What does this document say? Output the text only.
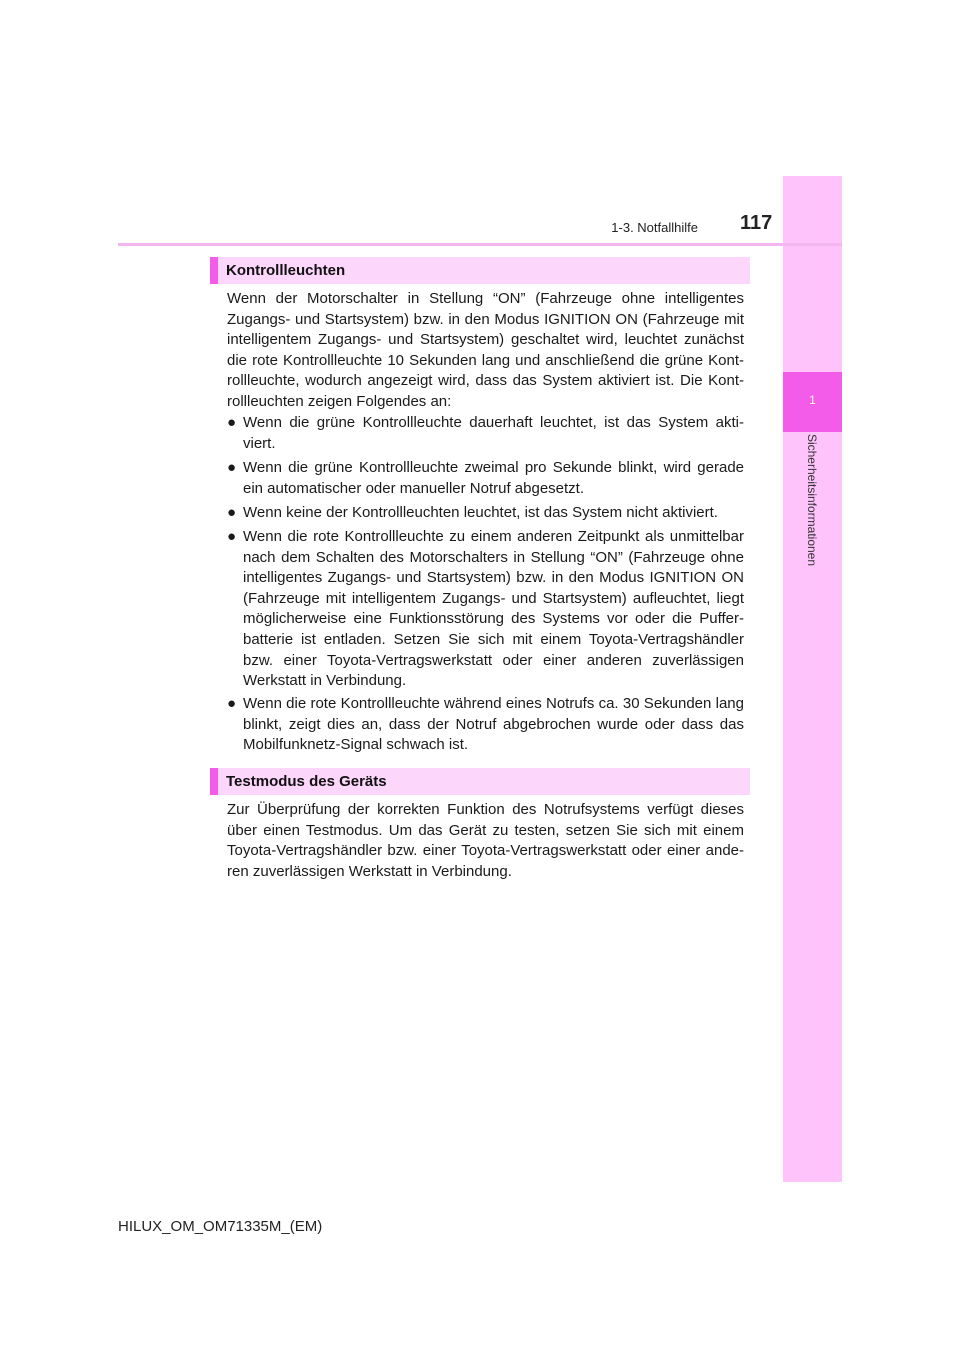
1
Sicherheitsinformationen
1-3. Notfallhilfe 117
Kontrollleuchten

Wenn der Motorschalter in Stellung “ON” (Fahrzeuge ohne intelligentes Zugangs- und Startsystem) bzw. in den Modus IGNITION ON (Fahrzeuge mit intelligentem Zugangs- und Startsystem) geschaltet wird, leuchtet zunächst die rote Kontrollleuchte 10 Sekunden lang und anschließend die grüne Kont-rollleuchte, wodurch angezeigt wird, dass das System aktiviert ist. Die Kont-rollleuchten zeigen Folgendes an:

● Wenn die grüne Kontrollleuchte dauerhaft leuchtet, ist das System akti-viert.
● Wenn die grüne Kontrollleuchte zweimal pro Sekunde blinkt, wird gerade ein automatischer oder manueller Notruf abgesetzt.
● Wenn keine der Kontrollleuchten leuchtet, ist das System nicht aktiviert.
● Wenn die rote Kontrollleuchte zu einem anderen Zeitpunkt als unmittelbar nach dem Schalten des Motorschalters in Stellung “ON” (Fahrzeuge ohne intelligentes Zugangs- und Startsystem) bzw. in den Modus IGNITION ON (Fahrzeuge mit intelligentem Zugangs- und Startsystem) aufleuchtet, liegt möglicherweise eine Funktionsstörung des Systems vor oder die Puffer-batterie ist entladen. Setzen Sie sich mit einem Toyota-Vertragshändler bzw. einer Toyota-Vertragswerkstatt oder einer anderen zuverlässigen Werkstatt in Verbindung.
● Wenn die rote Kontrollleuchte während eines Notrufs ca. 30 Sekunden lang blinkt, zeigt dies an, dass der Notruf abgebrochen wurde oder dass das Mobilfunknetz-Signal schwach ist.
Testmodus des Geräts

Zur Überprüfung der korrekten Funktion des Notrufsystems verfügt dieses über einen Testmodus. Um das Gerät zu testen, setzen Sie sich mit einem Toyota-Vertragshändler bzw. einer Toyota-Vertragswerkstatt oder einer ande-ren zuverlässigen Werkstatt in Verbindung.

HILUX_OM_OM71335M_(EM)
